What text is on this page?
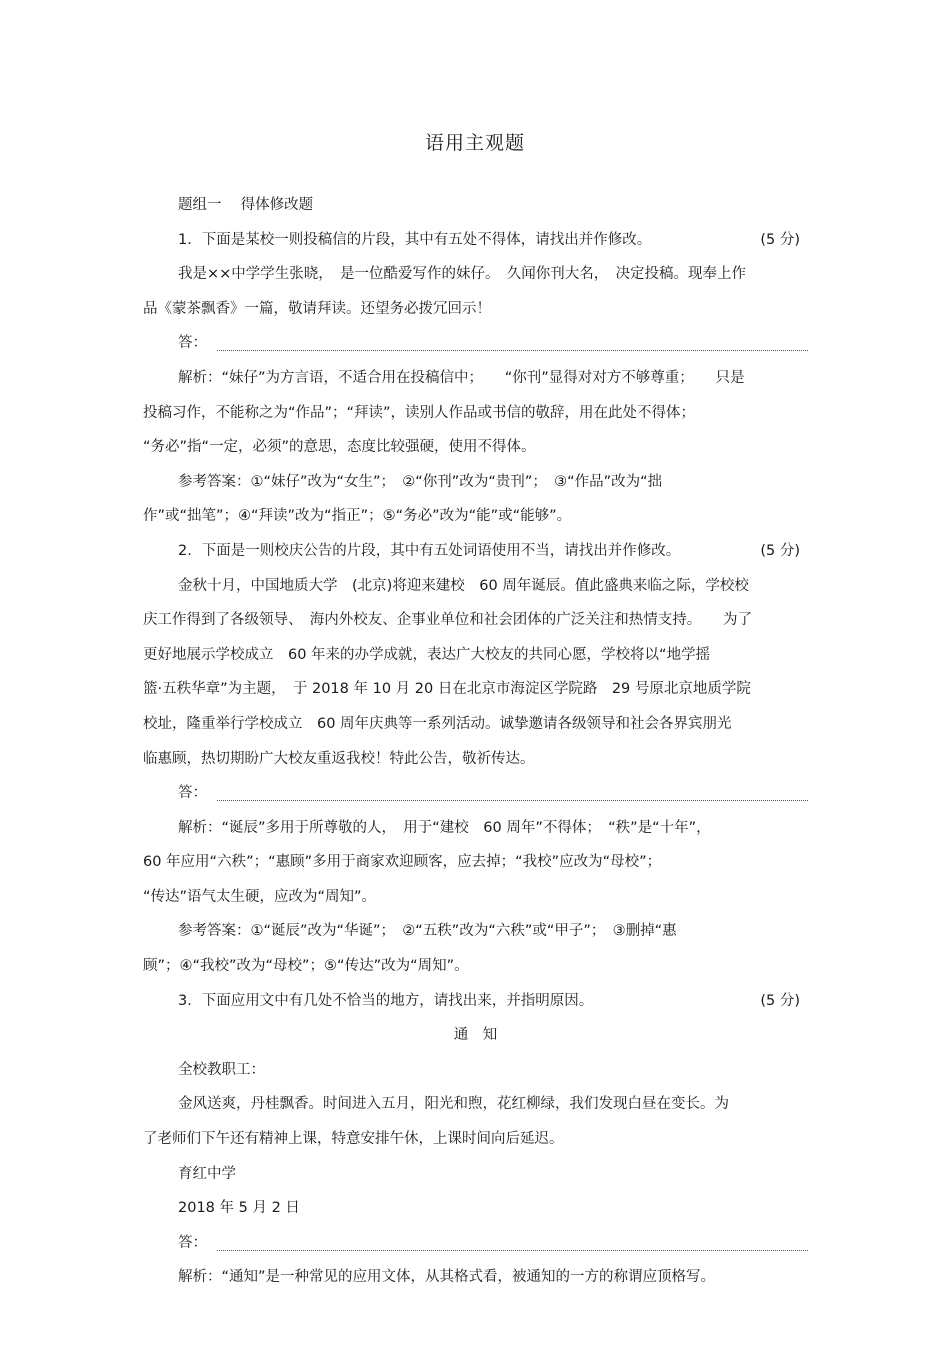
语用主观题
题组一　 得体修改题
1．下面是某校一则投稿信的片段，其中有五处不得体，请找出并作修改。	(5 分)
我是××中学学生张晓，　是一位酷爱写作的妹仔。　久闻你刊大名，　决定投稿。现奉上作
品《蒙茶飘香》一篇，敬请拜读。还望务必拨冗回示！
答：
解析：“妹仔”为方言语，不适合用在投稿信中；　　“你刊”显得对对方不够尊重；　　只是
投稿习作，不能称之为“作品”；“拜读”，读别人作品或书信的敬辞，用在此处不得体；
“务必”指“一定，必须”的意思，态度比较强硬，使用不得体。
参考答案：①“妹仔”改为“女生”；　②“你刊”改为“贵刊”；　③“作品”改为“拙
作”或“拙笔”；④“拜读”改为“指正”；⑤“务必”改为“能”或“能够”。
2．下面是一则校庆公告的片段，其中有五处词语使用不当，请找出并作修改。	(5 分)
金秋十月，中国地质大学　(北京)将迎来建校　60 周年诞辰。值此盛典来临之际，学校校
庆工作得到了各级领导、　海内外校友、企事业单位和社会团体的广泛关注和热情支持。　　为了
更好地展示学校成立　60 年来的办学成就，表达广大校友的共同心愿，学校将以“地学摇
篮·五秩华章”为主题，　于 2018 年 10 月 20 日在北京市海淀区学院路　29 号原北京地质学院
校址，隆重举行学校成立　60 周年庆典等一系列活动。诚挚邀请各级领导和社会各界宾朋光
临惠顾，热切期盼广大校友重返我校！特此公告，敬祈传达。
答：
解析：“诞辰”多用于所尊敬的人，　用于“建校　60 周年”不得体；　“秩”是“十年”，
60 年应用“六秩”；“惠顾”多用于商家欢迎顾客，应去掉；“我校”应改为“母校”；
“传达”语气太生硬，应改为“周知”。
参考答案：①“诞辰”改为“华诞”；　②“五秩”改为“六秩”或“甲子”；　③删掉“惠
顾”；④“我校”改为“母校”；⑤“传达”改为“周知”。
3．下面应用文中有几处不恰当的地方，请找出来，并指明原因。	(5 分)
通　知
全校教职工：
金风送爽，丹桂飘香。时间进入五月，阳光和煦，花红柳绿，我们发现白昼在变长。为
了老师们下午还有精神上课，特意安排午休，上课时间向后延迟。
育红中学
2018 年 5 月 2 日
答：
解析：“通知”是一种常见的应用文体，从其格式看，被通知的一方的称谓应顶格写。
